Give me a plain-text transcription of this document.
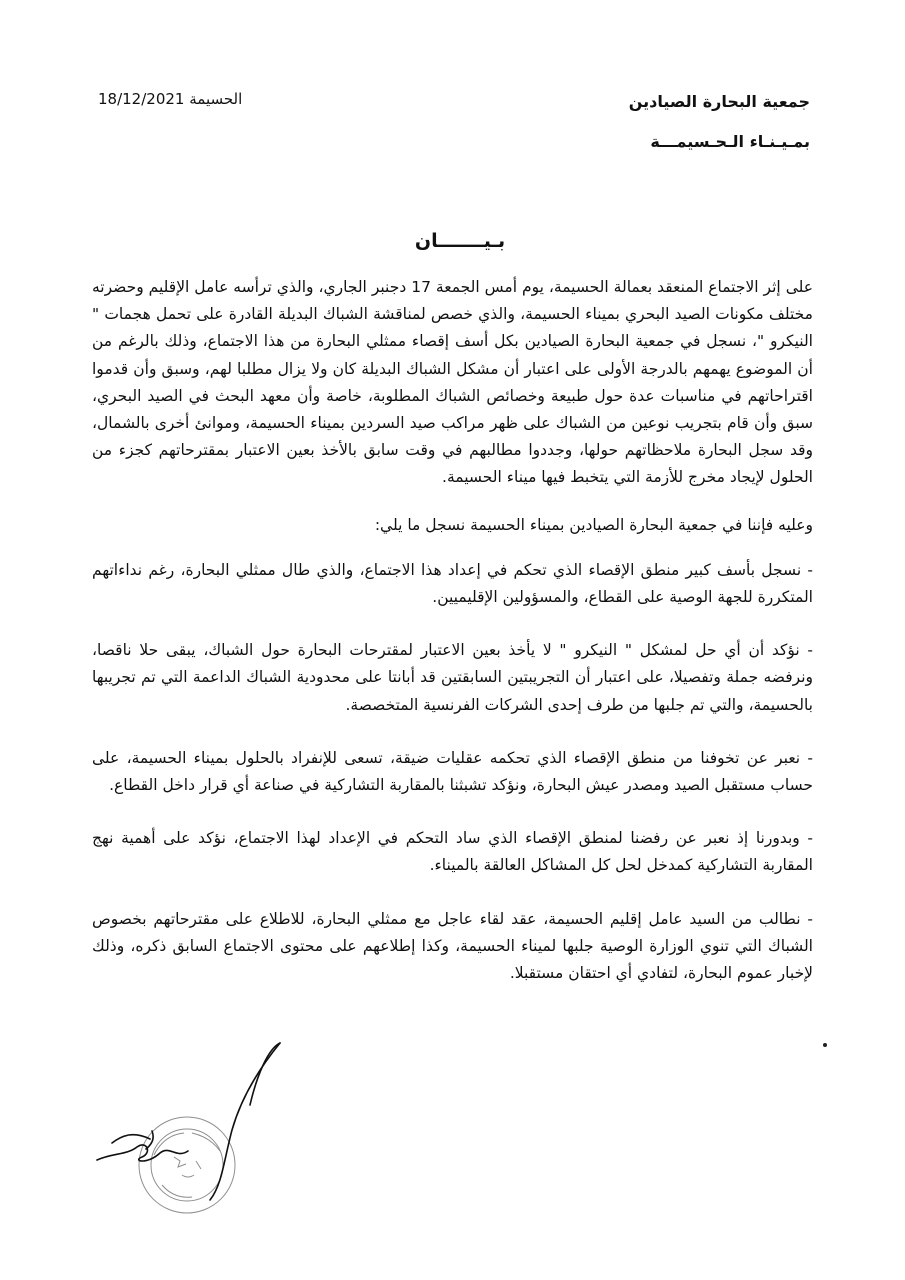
جمعية البحارة الصيادين
بمـيـنـاء الـحـسيمـــة
الحسيمة 18/12/2021
بـيـــــــان

على إثر الاجتماع المنعقد بعمالة الحسيمة، يوم أمس الجمعة 17 دجنبر الجاري، والذي ترأسه عامل الإقليم وحضرته مختلف مكونات الصيد البحري بميناء الحسيمة، والذي خصص لمناقشة الشباك البديلة القادرة على تحمل هجمات " النيكرو "، نسجل في جمعية البحارة الصيادين بكل أسف إقصاء ممثلي البحارة من هذا الاجتماع، وذلك بالرغم من أن الموضوع يهمهم بالدرجة الأولى على اعتبار أن مشكل الشباك البديلة كان ولا يزال مطلبا لهم، وسبق وأن قدموا اقتراحاتهم في مناسبات عدة حول طبيعة وخصائص الشباك المطلوبة، خاصة وأن معهد البحث في الصيد البحري، سبق وأن قام بتجريب نوعين من الشباك على ظهر مراكب صيد السردين بميناء الحسيمة، وموانئ أخرى بالشمال، وقد سجل البحارة ملاحظاتهم حولها، وجددوا مطالبهم في وقت سابق بالأخذ بعين الاعتبار بمقترحاتهم كجزء من الحلول لإيجاد مخرج للأزمة التي يتخبط فيها ميناء الحسيمة.

وعليه فإننا في جمعية البحارة الصيادين بميناء الحسيمة نسجل ما يلي:

- نسجل بأسف كبير منطق الإقصاء الذي تحكم في إعداد هذا الاجتماع، والذي طال ممثلي البحارة، رغم نداءاتهم المتكررة للجهة الوصية على القطاع، والمسؤولين الإقليميين.

- نؤكد أن أي حل لمشكل " النيكرو " لا يأخذ بعين الاعتبار لمقترحات البحارة حول الشباك، يبقى حلا ناقصا، ونرفضه جملة وتفصيلا، على اعتبار أن التجريبتين السابقتين قد أبانتا على محدودية الشباك الداعمة التي تم تجريبها بالحسيمة، والتي تم جلبها من طرف إحدى الشركات الفرنسية المتخصصة.

- نعبر عن تخوفنا من منطق الإقصاء الذي تحكمه عقليات ضيقة، تسعى للإنفراد بالحلول بميناء الحسيمة، على حساب مستقبل الصيد ومصدر عيش البحارة، ونؤكد تشبثنا بالمقاربة التشاركية في صناعة أي قرار داخل القطاع.

- وبدورنا إذ نعبر عن رفضنا لمنطق الإقصاء الذي ساد التحكم في الإعداد لهذا الاجتماع، نؤكد على أهمية نهج المقاربة التشاركية كمدخل لحل كل المشاكل العالقة بالميناء.

- نطالب من السيد عامل إقليم الحسيمة، عقد لقاء عاجل مع ممثلي البحارة، للاطلاع على مقترحاتهم بخصوص الشباك التي تنوي الوزارة الوصية جلبها لميناء الحسيمة، وكذا إطلاعهم على محتوى الاجتماع السابق ذكره، وذلك لإخبار عموم البحارة، لتفادي أي احتقان مستقبلا.
